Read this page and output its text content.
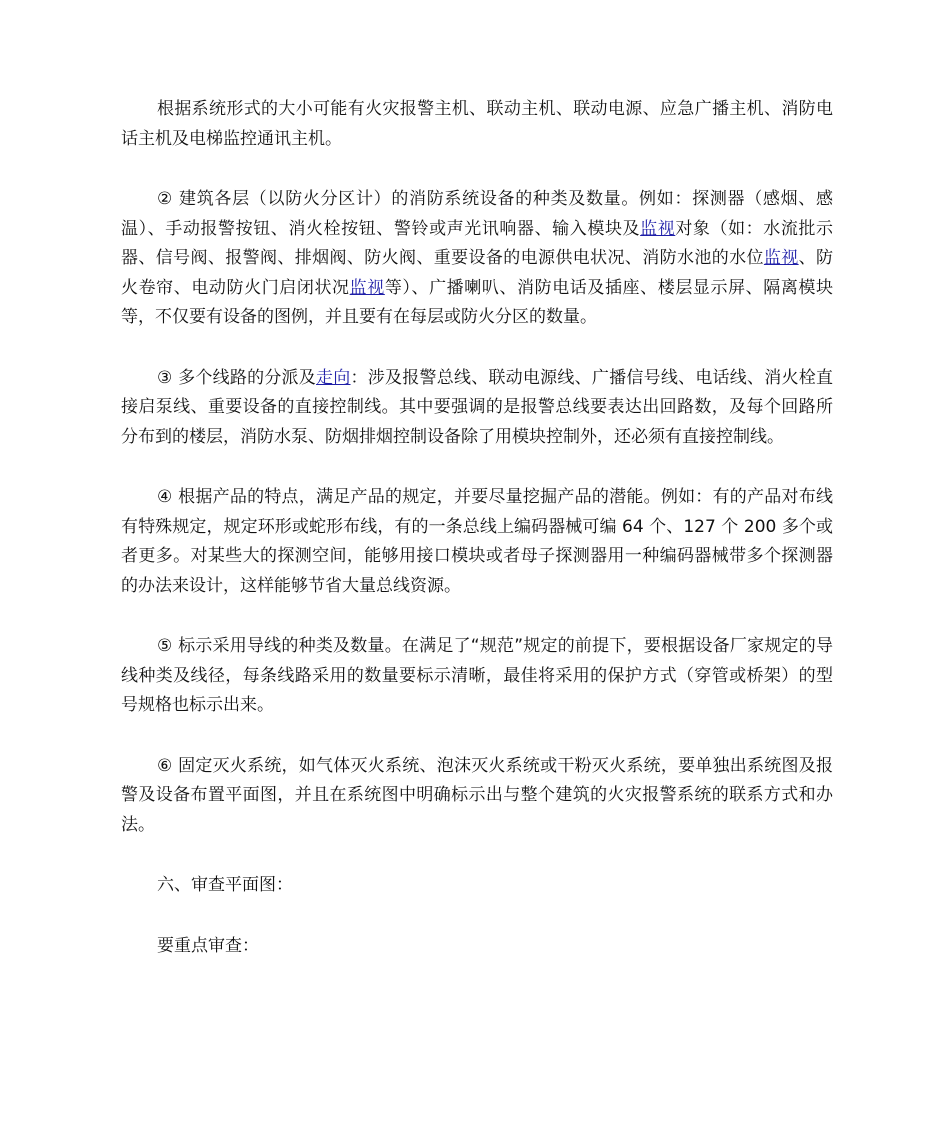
根据系统形式的大小可能有火灾报警主机、联动主机、联动电源、应急广播主机、消防电话主机及电梯监控通讯主机。

② 建筑各层（以防火分区计）的消防系统设备的种类及数量。例如：探测器（感烟、感温）、手动报警按钮、消火栓按钮、警铃或声光讯响器、输入模块及监视对象（如：水流批示器、信号阀、报警阀、排烟阀、防火阀、重要设备的电源供电状况、消防水池的水位监视、防火卷帘、电动防火门启闭状况监视等）、广播喇叭、消防电话及插座、楼层显示屏、隔离模块等，不仅要有设备的图例，并且要有在每层或防火分区的数量。

③ 多个线路的分派及走向：涉及报警总线、联动电源线、广播信号线、电话线、消火栓直接启泵线、重要设备的直接控制线。其中要强调的是报警总线要表达出回路数，及每个回路所分布到的楼层，消防水泵、防烟排烟控制设备除了用模块控制外，还必须有直接控制线。

④ 根据产品的特点，满足产品的规定，并要尽量挖掘产品的潜能。例如：有的产品对布线有特殊规定，规定环形或蛇形布线，有的一条总线上编码器械可编 64 个、127 个 200 多个或者更多。对某些大的探测空间，能够用接口模块或者母子探测器用一种编码器械带多个探测器的办法来设计，这样能够节省大量总线资源。

⑤ 标示采用导线的种类及数量。在满足了“规范”规定的前提下，要根据设备厂家规定的导线种类及线径，每条线路采用的数量要标示清晰，最佳将采用的保护方式（穿管或桥架）的型号规格也标示出来。

⑥ 固定灭火系统，如气体灭火系统、泡沫灭火系统或干粉灭火系统，要单独出系统图及报警及设备布置平面图，并且在系统图中明确标示出与整个建筑的火灾报警系统的联系方式和办法。

六、审查平面图：

要重点审查：
